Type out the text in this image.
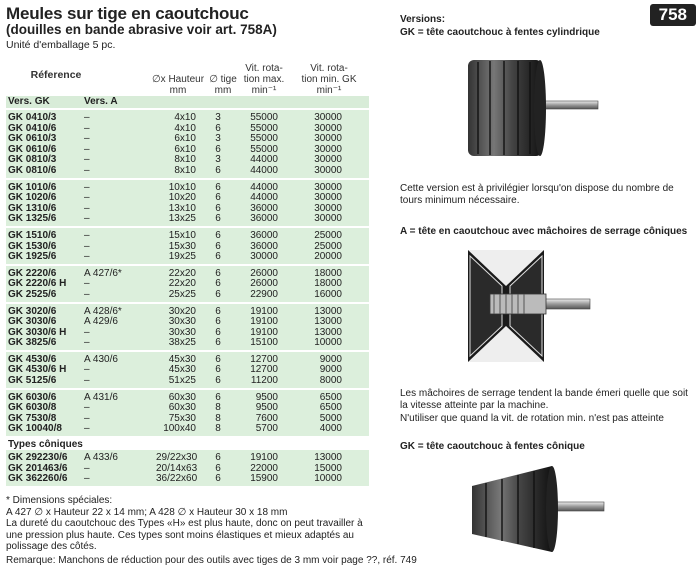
Meules sur tige en caoutchouc
(douilles en bande abrasive voir art. 758A)
Unité d'emballage 5 pc.
758
Réference	∅x Hauteur
mm
∅ tige
mm
Vit. rota-
tion max.
min⁻¹
Vit. rota-
tion min. GK
min⁻¹
Vers. GK	Vers. A
GK 0410/3	–	4x10	3	55000	30000
GK 0410/6	–	4x10	6	55000	30000
GK 0610/3	–	6x10	3	55000	30000
GK 0610/6	–	6x10	6	55000	30000
GK 0810/3	–	8x10	3	44000	30000
GK 0810/6	–	8x10	6	44000	30000
GK 1010/6	–	10x10	6	44000	30000
GK 1020/6	–	10x20	6	44000	30000
GK 1310/6	–	13x10	6	36000	30000
GK 1325/6	–	13x25	6	36000	30000
GK 1510/6	–	15x10	6	36000	25000
GK 1530/6	–	15x30	6	36000	25000
GK 1925/6	–	19x25	6	30000	20000
GK 2220/6	A 427/6*	22x20	6	26000	18000
GK 2220/6 H –	22x20	6	26000	18000
GK 2525/6	–	25x25	6	22900	16000
GK 3020/6	A 428/6*	30x20	6	19100	13000
GK 3030/6	A 429/6	30x30	6	19100	13000
GK 3030/6 H –	30x30	6	19100	13000
GK 3825/6	–	38x25	6	15100	10000
GK 4530/6	A 430/6	45x30	6	12700	9000
GK 4530/6 H –	45x30	6	12700	9000
GK 5125/6	–	51x25	6	11200	8000
GK 6030/6	A 431/6	60x30	6	9500	6500
GK 6030/8	–	60x30	8	9500	6500
GK 7530/8	–	75x30	8	7600	5000
GK 10040/8 –	100x40	8	5700	4000
Types côniques
GK 292230/6 A 433/6	29/22x30	6	19100	13000
GK 201463/6 –	20/14x63	6	22000	15000
GK 362260/6 –	36/22x60	6	15900	10000
* Dimensions spéciales:
A 427 ∅ x Hauteur 22 x 14 mm; A 428 ∅ x Hauteur 30 x 18 mm
La dureté du caoutchouc des Types «H» est plus haute, donc on peut travailler à une pression plus haute. Ces types sont moins élastiques et mieux adaptés au polissage des côtés.
Remarque: Manchons de réduction pour des outils avec tiges de 3 mm voir page ??, réf. 749
Versions:
GK = tête caoutchouc à fentes cylindrique
Cette version est à privilégier lorsqu'on dispose du nombre de tours minimum nécessaire.
A = tête en caoutchouc avec mâchoires de serrage côniques
Les mâchoires de serrage tendent la bande émeri quelle que soit la vitesse atteinte par la machine.
N'utiliser que quand la vit. de rotation min. n'est pas atteinte
GK = tête caoutchouc à fentes cônique
